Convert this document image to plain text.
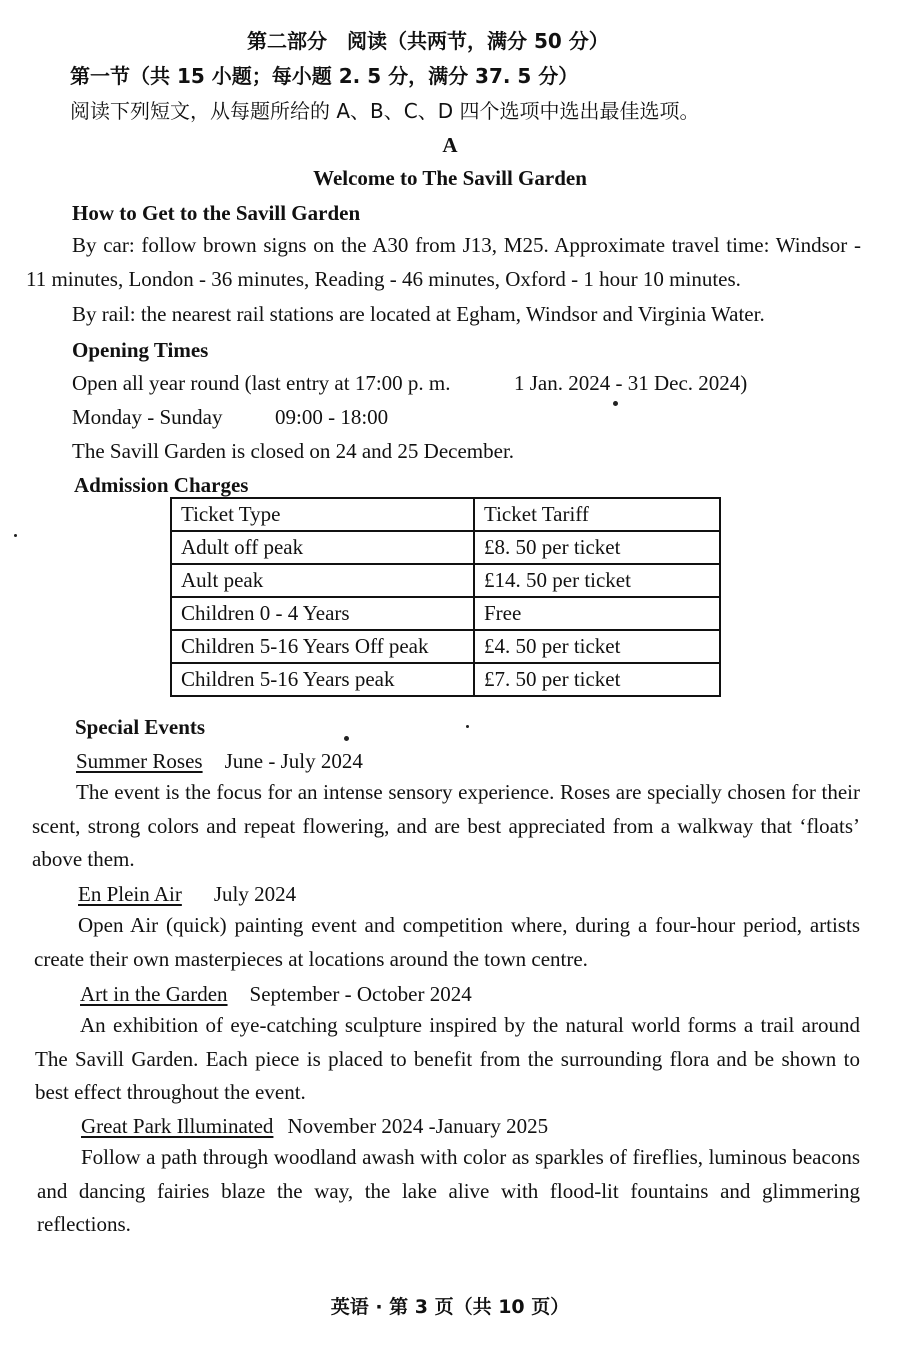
第二部分　阅读（共两节，满分 50 分）
第一节（共 15 小题；每小题 2. 5 分，满分 37. 5 分）
阅读下列短文，从每题所给的 A、B、C、D 四个选项中选出最佳选项。
A
Welcome to The Savill Garden
How to Get to the Savill Garden
By car: follow brown signs on the A30 from J13, M25. Approximate travel time: Windsor - 11 minutes, London - 36 minutes, Reading - 46 minutes, Oxford - 1 hour 10 minutes.
By rail: the nearest rail stations are located at Egham, Windsor and Virginia Water.
Opening Times
Open all year round (last entry at 17:00 p. m.	1 Jan. 2024 - 31 Dec. 2024)
Monday - Sunday	09:00 - 18:00
The Savill Garden is closed on 24 and 25 December.
Admission Charges
Ticket Type	Ticket Tariff
Adult off peak	£8. 50 per ticket
Ault peak	£14. 50 per ticket
Children 0 - 4 Years	Free
Children 5-16 Years Off peak	£4. 50 per ticket
Children 5-16 Years peak	£7. 50 per ticket
Special Events
Summer Roses June - July 2024
The event is the focus for an intense sensory experience. Roses are specially chosen for their scent, strong colors and repeat flowering, and are best appreciated from a walkway that ‘floats’ above them.
En Plein Air July 2024
Open Air (quick) painting event and competition where, during a four-hour period, artists create their own masterpieces at locations around the town centre.
Art in the Garden September - October 2024
An exhibition of eye-catching sculpture inspired by the natural world forms a trail around The Savill Garden. Each piece is placed to benefit from the surrounding flora and be shown to best effect throughout the event.
Great Park Illuminated November 2024 -January 2025
Follow a path through woodland awash with color as sparkles of fireflies, luminous beacons and dancing fairies blaze the way, the lake alive with flood-lit fountains and glimmering reflections.
英语 · 第 3 页（共 10 页）
